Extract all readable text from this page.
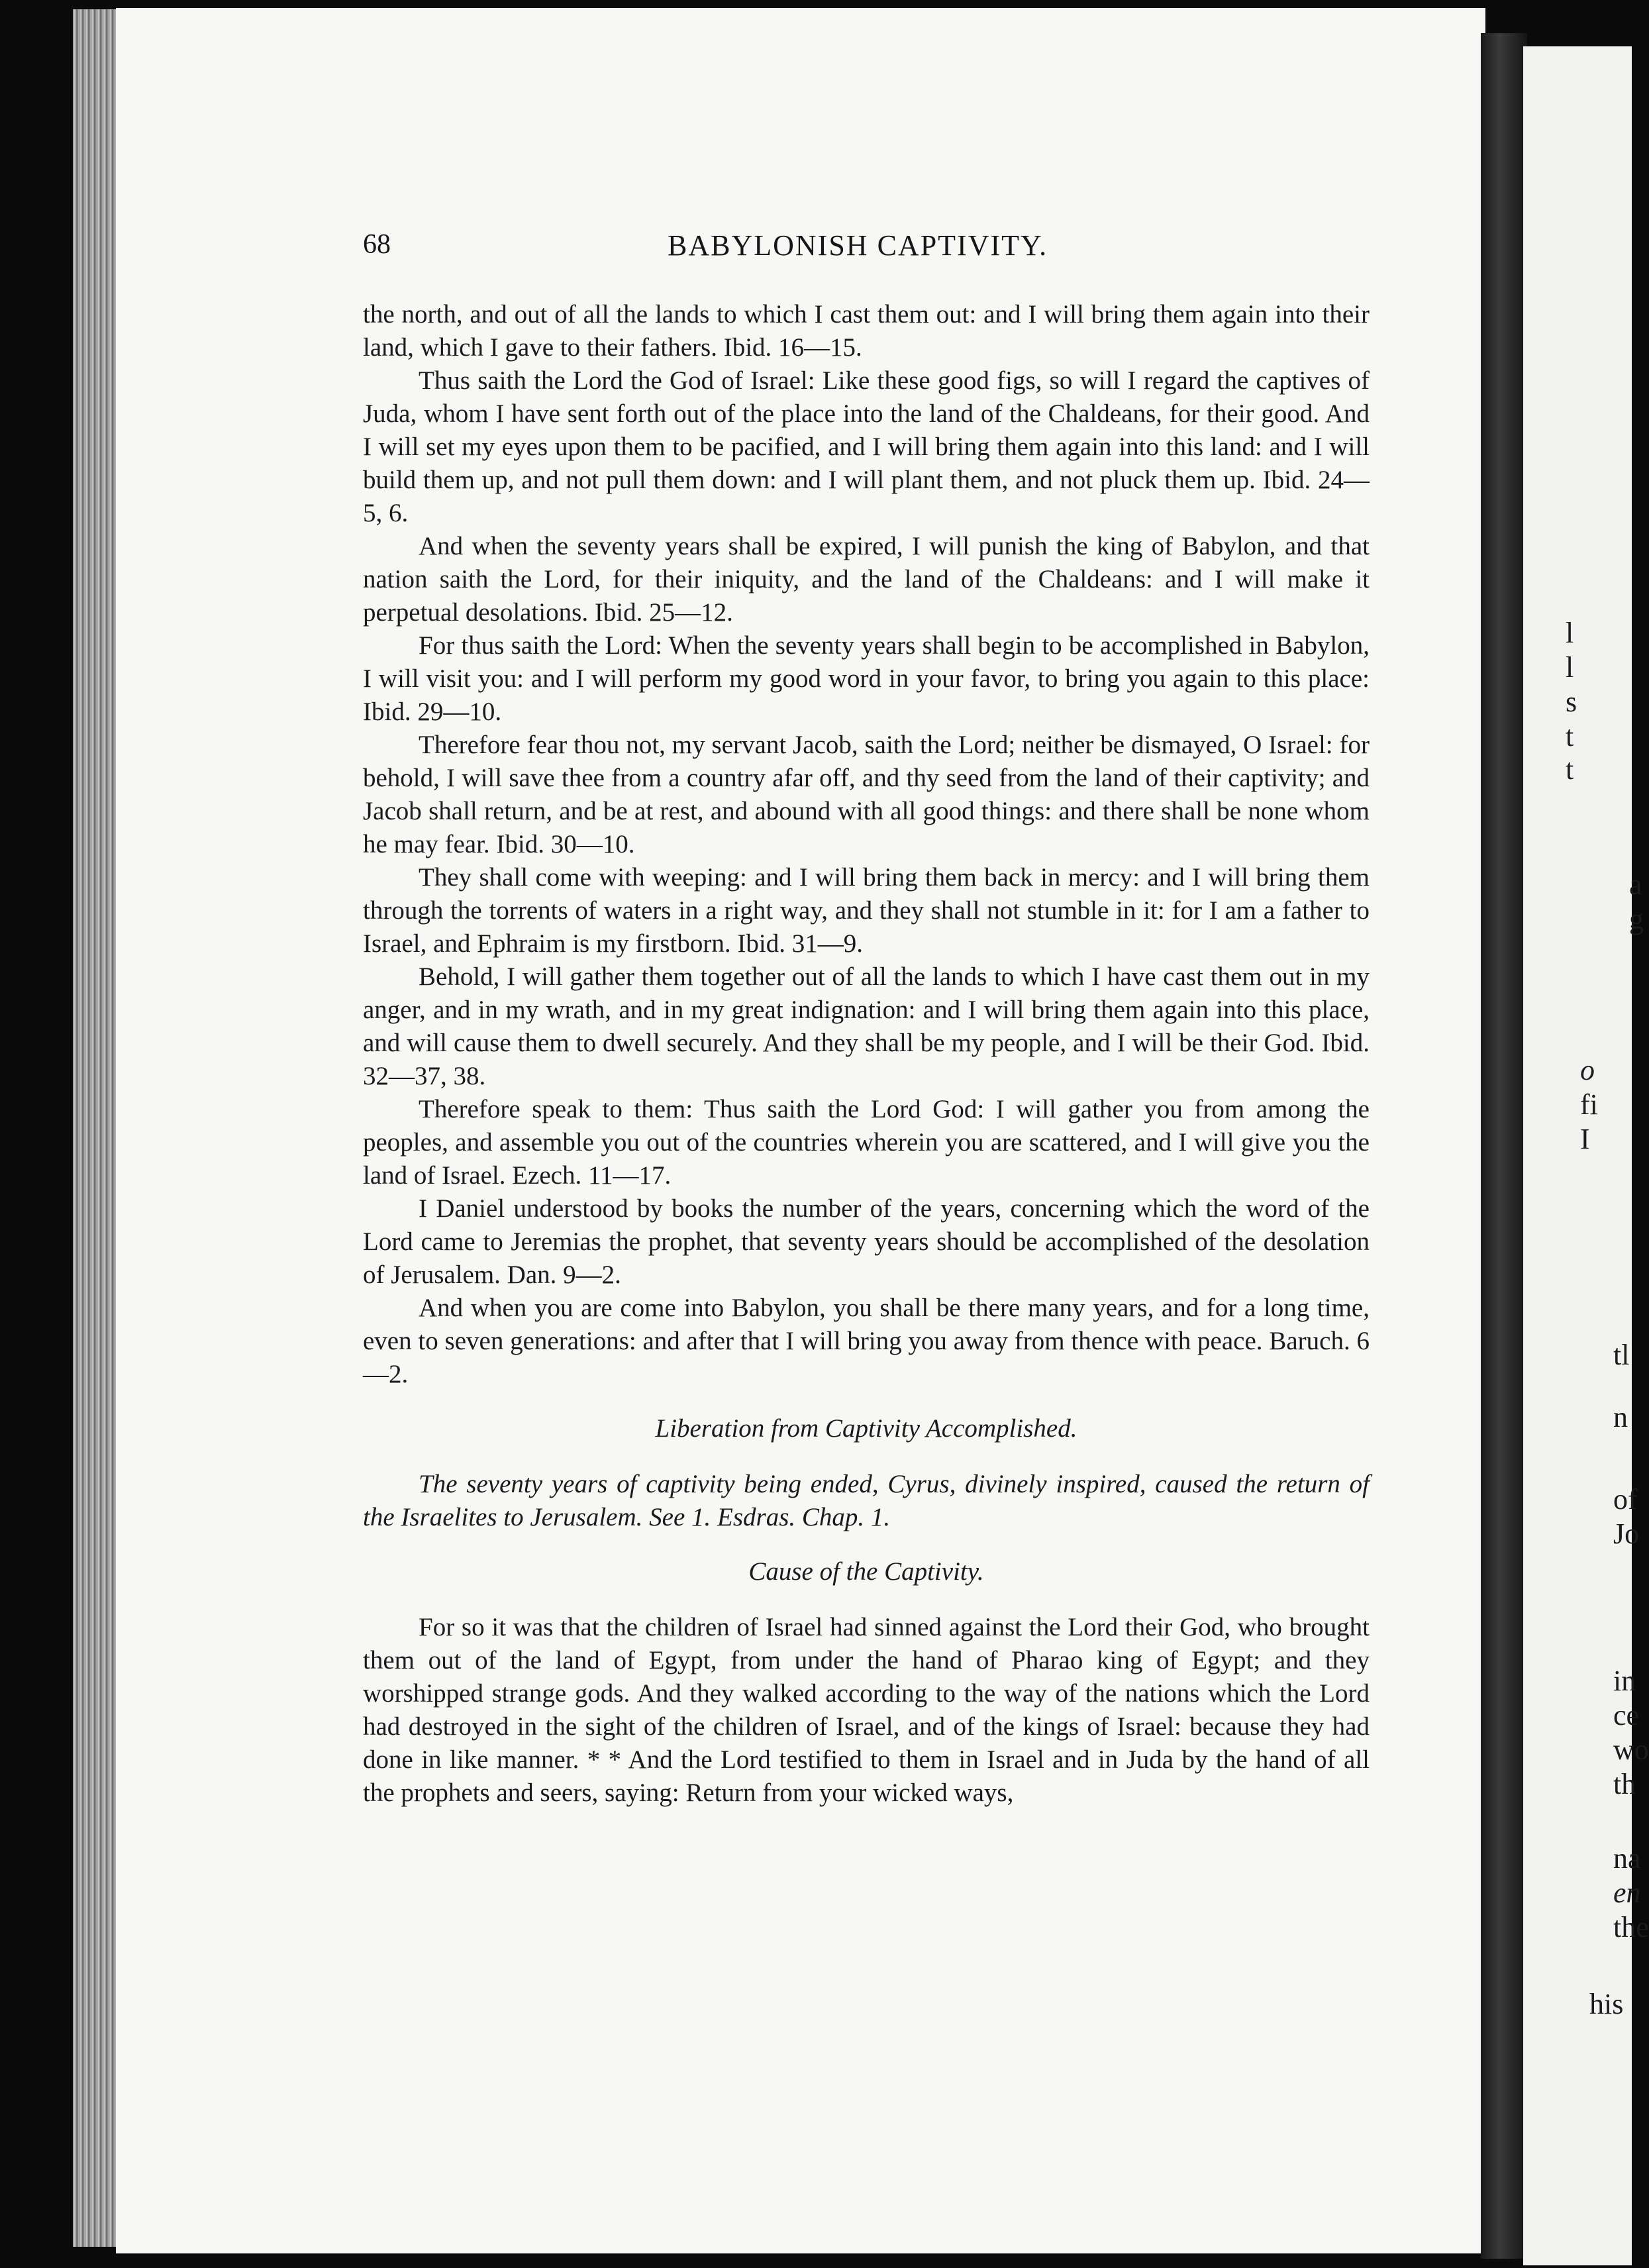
l
l
s
t
t
a
g
o
fi
I
tl
n
of
Jo
in
ce
wo
th
na
en
the
his
68	BABYLONISH CAPTIVITY.

the north, and out of all the lands to which I cast them out: and I will bring them again into their land, which I gave to their fathers. Ibid. 16—15.

Thus saith the Lord the God of Israel: Like these good figs, so will I regard the captives of Juda, whom I have sent forth out of the place into the land of the Chaldeans, for their good. And I will set my eyes upon them to be pacified, and I will bring them again into this land: and I will build them up, and not pull them down: and I will plant them, and not pluck them up. Ibid. 24—5, 6.

And when the seventy years shall be expired, I will punish the king of Babylon, and that nation saith the Lord, for their iniquity, and the land of the Chaldeans: and I will make it perpetual desolations. Ibid. 25—12.

For thus saith the Lord: When the seventy years shall begin to be accomplished in Babylon, I will visit you: and I will perform my good word in your favor, to bring you again to this place: Ibid. 29—10.

Therefore fear thou not, my servant Jacob, saith the Lord; neither be dismayed, O Israel: for behold, I will save thee from a country afar off, and thy seed from the land of their captivity; and Jacob shall return, and be at rest, and abound with all good things: and there shall be none whom he may fear. Ibid. 30—10.

They shall come with weeping: and I will bring them back in mercy: and I will bring them through the torrents of waters in a right way, and they shall not stumble in it: for I am a father to Israel, and Ephraim is my firstborn. Ibid. 31—9.

Behold, I will gather them together out of all the lands to which I have cast them out in my anger, and in my wrath, and in my great indignation: and I will bring them again into this place, and will cause them to dwell securely. And they shall be my people, and I will be their God. Ibid. 32—37, 38.

Therefore speak to them: Thus saith the Lord God: I will gather you from among the peoples, and assemble you out of the countries wherein you are scattered, and I will give you the land of Israel. Ezech. 11—17.

I Daniel understood by books the number of the years, concerning which the word of the Lord came to Jeremias the prophet, that seventy years should be accomplished of the desolation of Jerusalem. Dan. 9—2.

And when you are come into Babylon, you shall be there many years, and for a long time, even to seven generations: and after that I will bring you away from thence with peace. Baruch. 6—2.

Liberation from Captivity Accomplished.

The seventy years of captivity being ended, Cyrus, divinely inspired, caused the return of the Israelites to Jerusalem. See 1. Esdras. Chap. 1.

Cause of the Captivity.

For so it was that the children of Israel had sinned against the Lord their God, who brought them out of the land of Egypt, from under the hand of Pharao king of Egypt; and they worshipped strange gods. And they walked according to the way of the nations which the Lord had destroyed in the sight of the children of Israel, and of the kings of Israel: because they had done in like manner. * * And the Lord testified to them in Israel and in Juda by the hand of all the prophets and seers, saying: Return from your wicked ways,
